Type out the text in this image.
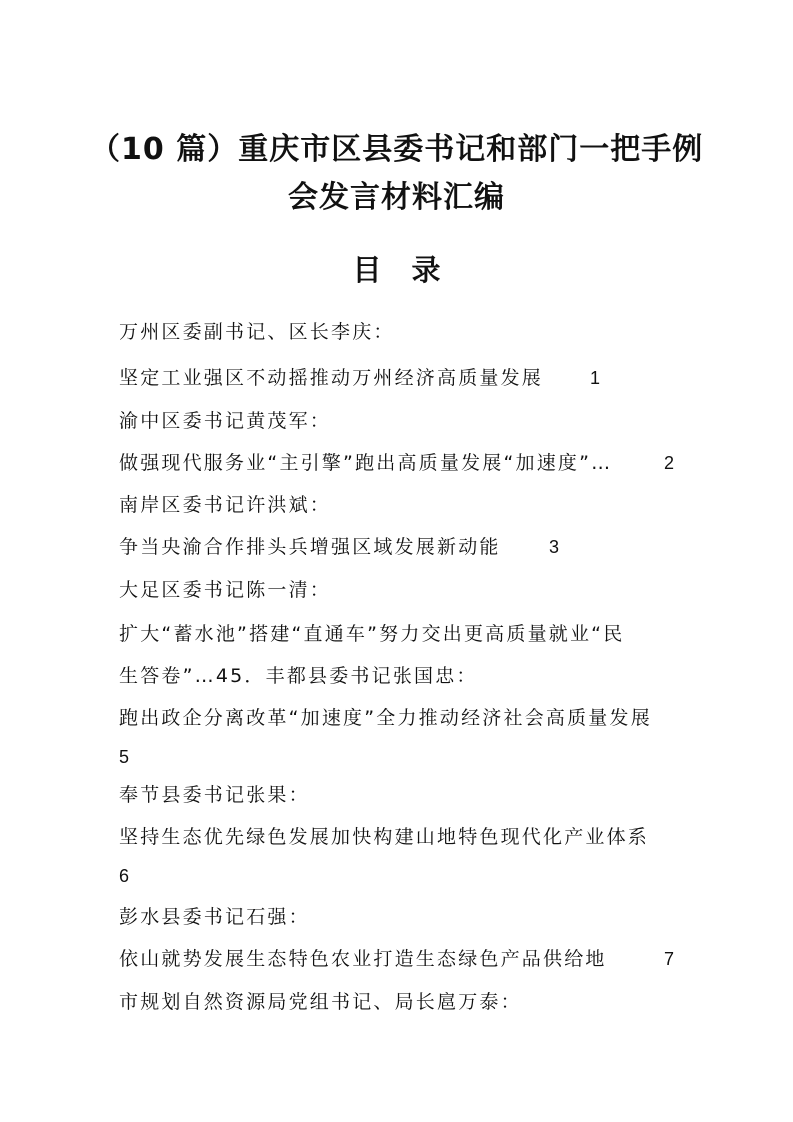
（10 篇）重庆市区县委书记和部门一把手例
会发言材料汇编
目录
万州区委副书记、区长李庆：
坚定工业强区不动摇推动万州经济高质量发展	1
渝中区委书记黄茂军：
做强现代服务业“主引擎”跑出高质量发展“加速度”…	2
南岸区委书记许洪斌：
争当央渝合作排头兵增强区域发展新动能	3
大足区委书记陈一清：
扩大“蓄水池”搭建“直通车”努力交出更高质量就业“民
生答卷”…45．丰都县委书记张国忠：
跑出政企分离改革“加速度”全力推动经济社会高质量发展
5
奉节县委书记张果：
坚持生态优先绿色发展加快构建山地特色现代化产业体系
6
彭水县委书记石强：
依山就势发展生态特色农业打造生态绿色产品供给地	7
市规划自然资源局党组书记、局长扈万泰：
